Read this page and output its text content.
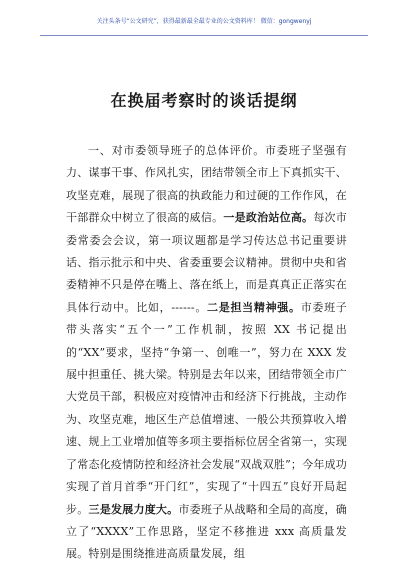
关注头条号“公文研究”，获得最新最全最专业的公文资料库！ 微信：gongwenyj
在换届考察时的谈话提纲

一、对市委领导班子的总体评价。市委班子坚强有力、谋事干事、作风扎实，团结带领全市上下真抓实干、攻坚克难，展现了很高的执政能力和过硬的工作作风，在干部群众中树立了很高的威信。一是政治站位高。每次市委常委会会议，第一项议题都是学习传达总书记重要讲话、指示批示和中央、省委重要会议精神。贯彻中央和省委精神不只是停在嘴上、落在纸上，而是真真正正落实在具体行动中。比如，------。二是担当精神强。市委班子带头落实“五个一”工作机制，按照 XX 书记提出的“XX”要求，坚持“争第一、创唯一”，努力在 XXX 发展中担重任、挑大梁。特别是去年以来，团结带领全市广大党员干部，积极应对疫情冲击和经济下行挑战，主动作为、攻坚克难，地区生产总值增速、一般公共预算收入增速、规上工业增加值等多项主要指标位居全省第一，实现了常态化疫情防控和经济社会发展“双战双胜”；今年成功实现了首月首季“开门红”，实现了“十四五”良好开局起步。三是发展力度大。市委班子从战略和全局的高度，确立了“XXXX”工作思路，坚定不移推进 xxx 高质量发展。特别是围绕推进高质量发展，组
